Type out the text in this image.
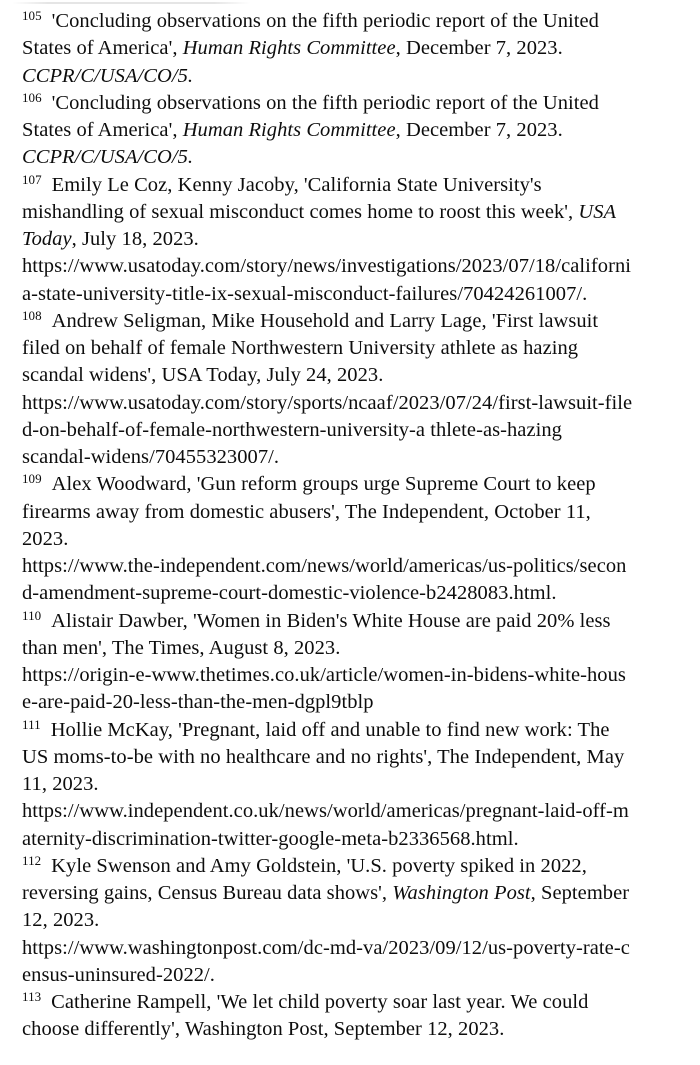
$^{105}$ 'Concluding observations on the fifth periodic report of the United
States of America', Human Rights Committee, December 7, 2023.
CCPR/C/USA/CO/5.
$^{106}$ 'Concluding observations on the fifth periodic report of the United
States of America', Human Rights Committee, December 7, 2023.
CCPR/C/USA/CO/5.
$^{107}$ Emily Le Coz, Kenny Jacoby, 'California State University's
mishandling of sexual misconduct comes home to roost this week', USA
Today, July 18, 2023.
https://www.usatoday.com/story/news/investigations/2023/07/18/californi
a-state-university-title-ix-sexual-misconduct-failures/70424261007/.
$^{108}$ Andrew Seligman, Mike Household and Larry Lage, 'First lawsuit
filed on behalf of female Northwestern University athlete as hazing
scandal widens', USA Today, July 24, 2023.
https://www.usatoday.com/story/sports/ncaaf/2023/07/24/first-lawsuit-file
d-on-behalf-of-female-northwestern-university-a thlete-as-hazing
scandal-widens/70455323007/.
$^{109}$ Alex Woodward, 'Gun reform groups urge Supreme Court to keep
firearms away from domestic abusers', The Independent, October 11,
2023.
https://www.the-independent.com/news/world/americas/us-politics/secon
d-amendment-supreme-court-domestic-violence-b2428083.html.
$^{110}$ Alistair Dawber, 'Women in Biden's White House are paid 20% less
than men', The Times, August 8, 2023.
https://origin-e-www.thetimes.co.uk/article/women-in-bidens-white-hous
e-are-paid-20-less-than-the-men-dgpl9tblp
$^{111}$ Hollie McKay, 'Pregnant, laid off and unable to find new work: The
US moms-to-be with no healthcare and no rights', The Independent, May
11, 2023.
https://www.independent.co.uk/news/world/americas/pregnant-laid-off-m
aternity-discrimination-twitter-google-meta-b2336568.html.
$^{112}$ Kyle Swenson and Amy Goldstein, 'U.S. poverty spiked in 2022,
reversing gains, Census Bureau data shows', Washington Post, September
12, 2023.
https://www.washingtonpost.com/dc-md-va/2023/09/12/us-poverty-rate-c
ensus-uninsured-2022/.
$^{113}$ Catherine Rampell, 'We let child poverty soar last year. We could
choose differently', Washington Post, September 12, 2023.
